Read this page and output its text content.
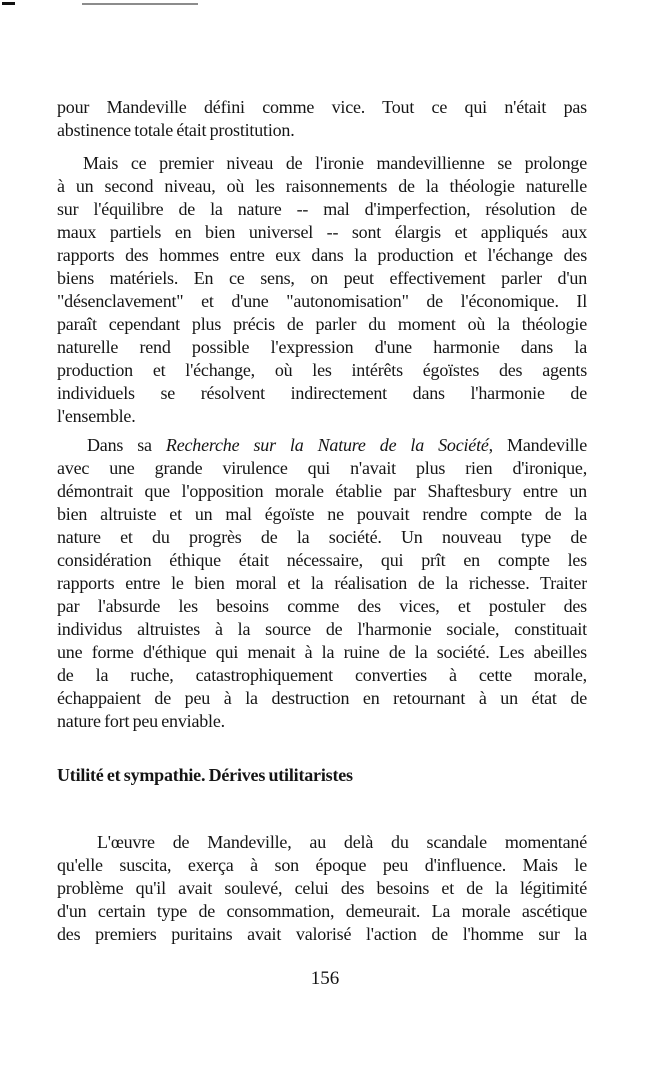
pour Mandeville défini comme vice. Tout ce qui n'était pas
abstinence totale était prostitution.
Mais ce premier niveau de l'ironie mandevillienne se prolonge
à un second niveau, où les raisonnements de la théologie naturelle
sur l'équilibre de la nature -- mal d'imperfection, résolution de
maux partiels en bien universel -- sont élargis et appliqués aux
rapports des hommes entre eux dans la production et l'échange des
biens matériels. En ce sens, on peut effectivement parler d'un
"désenclavement" et d'une "autonomisation" de l'économique. Il
paraît cependant plus précis de parler du moment où la théologie
naturelle rend possible l'expression d'une harmonie dans la
production et l'échange, où les intérêts égoïstes des agents
individuels se résolvent indirectement dans l'harmonie de
l'ensemble.
Dans sa Recherche sur la Nature de la Société, Mandeville
avec une grande virulence qui n'avait plus rien d'ironique,
démontrait que l'opposition morale établie par Shaftesbury entre un
bien altruiste et un mal égoïste ne pouvait rendre compte de la
nature et du progrès de la société. Un nouveau type de
considération éthique était nécessaire, qui prît en compte les
rapports entre le bien moral et la réalisation de la richesse. Traiter
par l'absurde les besoins comme des vices, et postuler des
individus altruistes à la source de l'harmonie sociale, constituait
une forme d'éthique qui menait à la ruine de la société. Les abeilles
de la ruche, catastrophiquement converties à cette morale,
échappaient de peu à la destruction en retournant à un état de
nature fort peu enviable.
Utilité et sympathie. Dérives utilitaristes
L'œuvre de Mandeville, au delà du scandale momentané
qu'elle suscita, exerça à son époque peu d'influence. Mais le
problème qu'il avait soulevé, celui des besoins et de la légitimité
d'un certain type de consommation, demeurait. La morale ascétique
des premiers puritains avait valorisé l'action de l'homme sur la
156
